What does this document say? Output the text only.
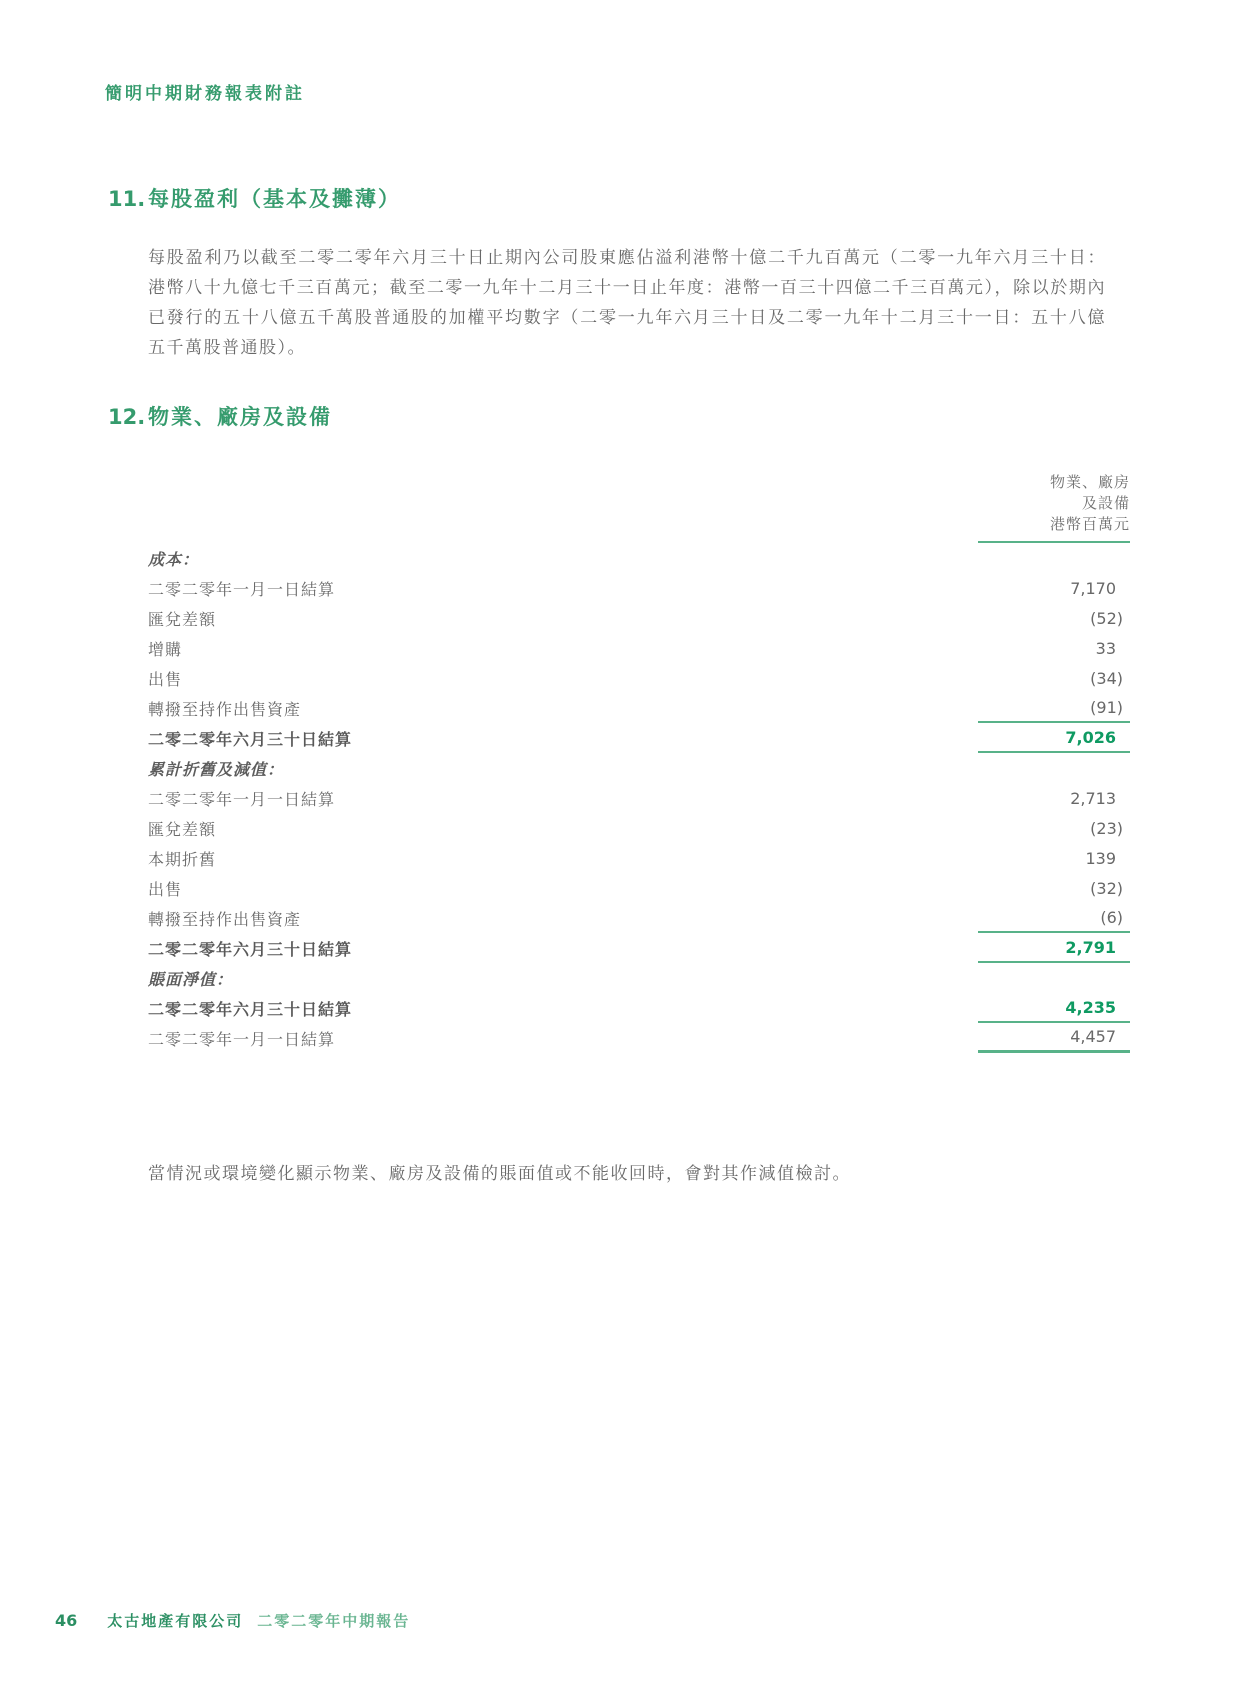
簡明中期財務報表附註
11. 每股盈利（基本及攤薄）

每股盈利乃以截至二零二零年六月三十日止期內公司股東應佔溢利港幣十億二千九百萬元（二零一九年六月三十日：港幣八十九億七千三百萬元；截至二零一九年十二月三十一日止年度：港幣一百三十四億二千三百萬元），除以於期內已發行的五十八億五千萬股普通股的加權平均數字（二零一九年六月三十日及二零一九年十二月三十一日：五十八億五千萬股普通股）。

12. 物業、廠房及設備
物業、廠房
及設備
港幣百萬元
成本：
二零二零年一月一日結算	7,170
匯兌差額	(52)
增購	33
出售	(34)
轉撥至持作出售資產	(91)
二零二零年六月三十日結算	7,026
累計折舊及減值：
二零二零年一月一日結算	2,713
匯兌差額	(23)
本期折舊	139
出售	(32)
轉撥至持作出售資產	(6)
二零二零年六月三十日結算	2,791
賬面淨值：
二零二零年六月三十日結算	4,235
二零二零年一月一日結算	4,457

當情況或環境變化顯示物業、廠房及設備的賬面值或不能收回時，會對其作減值檢討。

46 太古地產有限公司 二零二零年中期報告
